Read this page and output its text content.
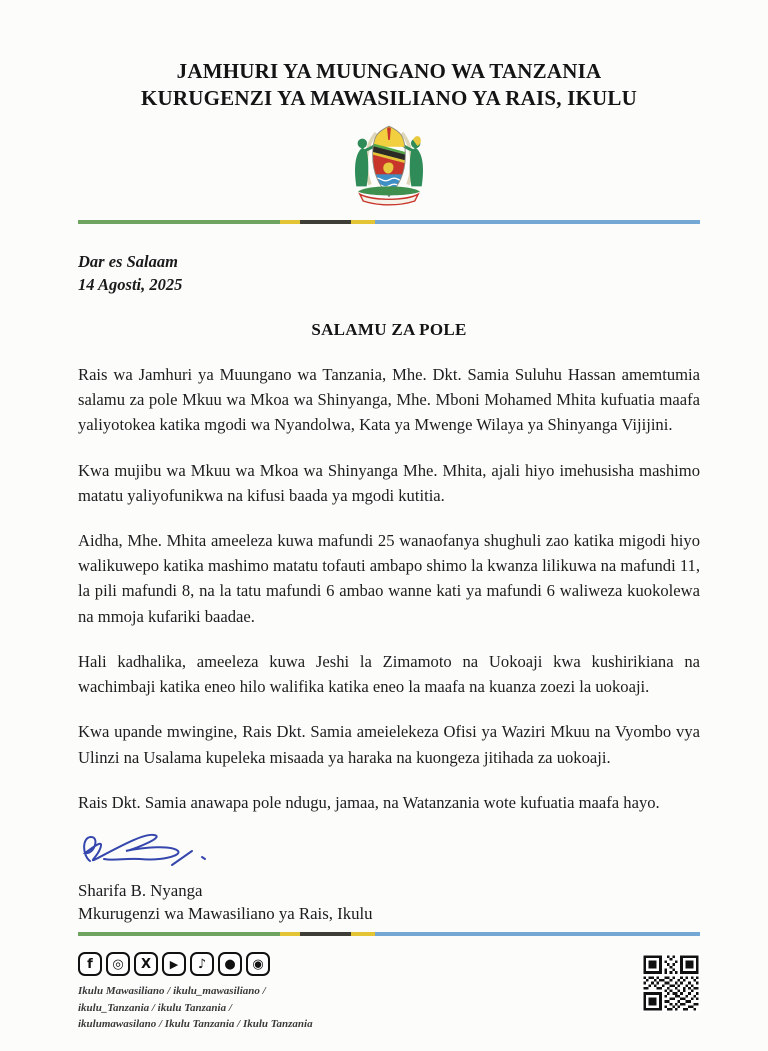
JAMHURI YA MUUNGANO WA TANZANIA
KURUGENZI YA MAWASILIANO YA RAIS, IKULU
Dar es Salaam
14 Agosti, 2025
SALAMU ZA POLE

Rais wa Jamhuri ya Muungano wa Tanzania, Mhe. Dkt. Samia Suluhu Hassan amemtumia salamu za pole Mkuu wa Mkoa wa Shinyanga, Mhe. Mboni Mohamed Mhita kufuatia maafa yaliyotokea katika mgodi wa Nyandolwa, Kata ya Mwenge Wilaya ya Shinyanga Vijijini.

Kwa mujibu wa Mkuu wa Mkoa wa Shinyanga Mhe. Mhita, ajali hiyo imehusisha mashimo matatu yaliyofunikwa na kifusi baada ya mgodi kutitia.

Aidha, Mhe. Mhita ameeleza kuwa mafundi 25 wanaofanya shughuli zao katika migodi hiyo walikuwepo katika mashimo matatu tofauti ambapo shimo la kwanza lilikuwa na mafundi 11, la pili mafundi 8, na la tatu mafundi 6 ambao wanne kati ya mafundi 6 waliweza kuokolewa na mmoja kufariki baadae.

Hali kadhalika, ameeleza kuwa Jeshi la Zimamoto na Uokoaji kwa kushirikiana na wachimbaji katika eneo hilo walifika katika eneo la maafa na kuanza zoezi la uokoaji.

Kwa upande mwingine, Rais Dkt. Samia ameielekeza Ofisi ya Waziri Mkuu na Vyombo vya Ulinzi na Usalama kupeleka misaada ya haraka na kuongeza jitihada za uokoaji.

Rais Dkt. Samia anawapa pole ndugu, jamaa, na Watanzania wote kufuatia maafa hayo.

Sharifa B. Nyanga
Mkurugenzi wa Mawasiliano ya Rais, Ikulu
f	◎	X	▶	♪	●	◉
Ikulu Mawasiliano / ikulu_mawasiliano /
ikulu_Tanzania / ikulu Tanzania /
ikulumawasilano / Ikulu Tanzania / Ikulu Tanzania
